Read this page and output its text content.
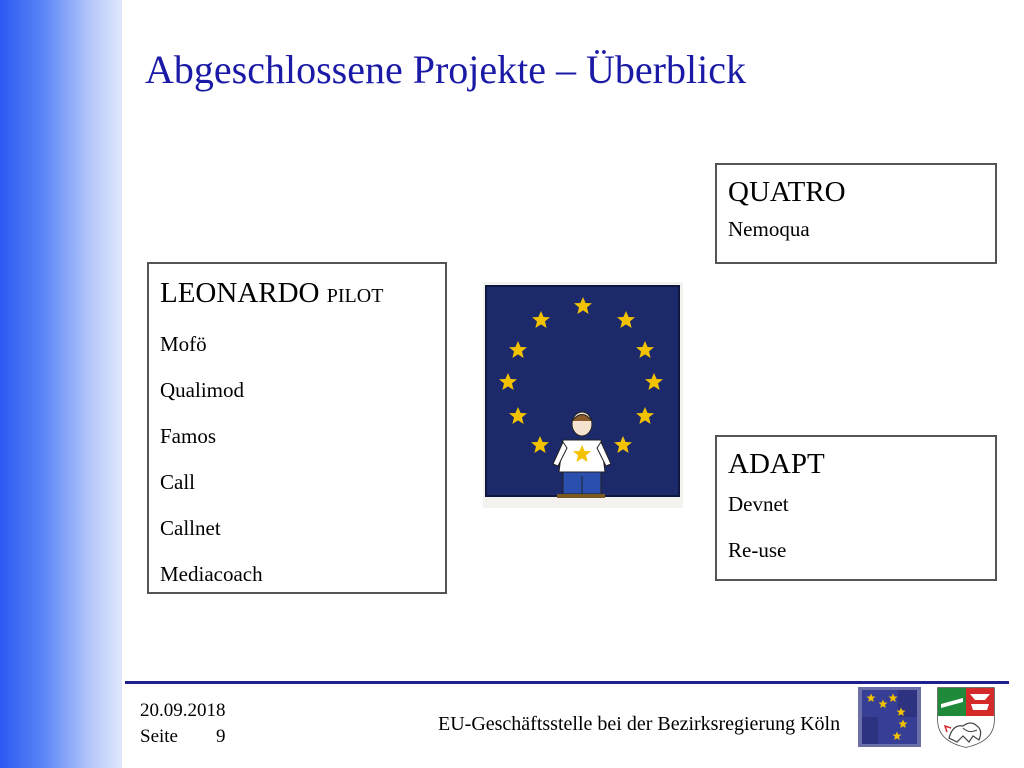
Abgeschlossene Projekte – Überblick
QUATRO
Nemoqua
LEONARDO pilot
Mofö
Qualimod
Famos
Call
Callnet
Mediacoach
ADAPT
Devnet
Re-use
20.09.2018
Seite 9
EU-Geschäftsstelle bei der Bezirksregierung Köln
